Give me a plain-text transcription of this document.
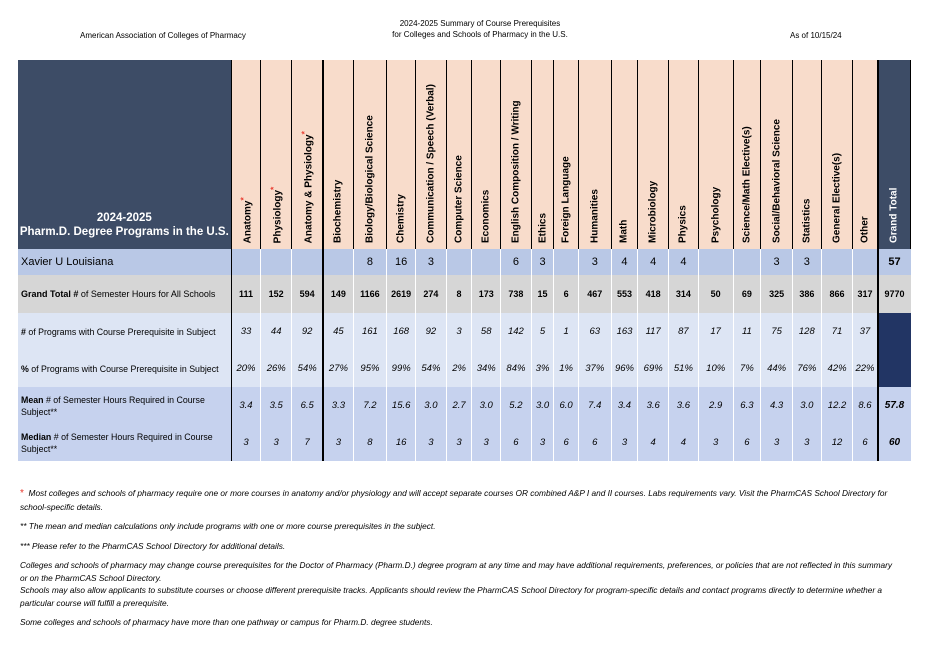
American Association of Colleges of Pharmacy
2024-2025 Summary of Course Prerequisites
for Colleges and Schools of Pharmacy in the U.S.	As of 10/15/24
2024-2025
Pharm.D. Degree Programs in the U.S.	Anatomy*	Physiology*	Anatomy & Physiology*	Biochemistry	Biology/Biological Science	Chemistry	Communication / Speech (Verbal)	Computer Science	Economics	English Composition / Writing	Ethics	Foreign Language	Humanities	Math	Microbiology	Physics	Psychology	Science/Math Elective(s)	Social/Behavioral Science	Statistics	General Elective(s)	Other	Grand Total

Xavier U Louisiana					8	16	3			6	3		3	4	4	4			3	3			57
Grand Total # of Semester Hours for All Schools	111	152	594	149	1166	2619	274	8	173	738	15	6	467	553	418	314	50	69	325	386	866	317	9770
# of Programs with Course Prerequisite in Subject	33	44	92	45	161	168	92	3	58	142	5	1	63	163	117	87	17	11	75	128	71	37	
% of Programs with Course Prerequisite in Subject	20%	26%	54%	27%	95%	99%	54%	2%	34%	84%	3%	1%	37%	96%	69%	51%	10%	7%	44%	76%	42%	22%	
Mean # of Semester Hours Required in Course Subject**	3.4	3.5	6.5	3.3	7.2	15.6	3.0	2.7	3.0	5.2	3.0	6.0	7.4	3.4	3.6	3.6	2.9	6.3	4.3	3.0	12.2	8.6	57.8
Median # of Semester Hours Required in Course Subject**	3	3	7	3	8	16	3	3	3	6	3	6	6	3	4	4	3	6	3	3	12	6	60

* Most colleges and schools of pharmacy require one or more courses in anatomy and/or physiology and will accept separate courses OR combined A&P I and II courses. Labs requirements vary. Visit the PharmCAS School Directory for school-specific details.

** The mean and median calculations only include programs with one or more course prerequisites in the subject.

*** Please refer to the PharmCAS School Directory for additional details.

Colleges and schools of pharmacy may change course prerequisites for the Doctor of Pharmacy (Pharm.D.) degree program at any time and may have additional requirements, preferences, or policies that are not reflected in this summary or on the PharmCAS School Directory.

Schools may also allow applicants to substitute courses or choose different prerequisite tracks. Applicants should review the PharmCAS School Directory for program-specific details and contact programs directly to determine whether a particular course will fulfill a prerequisite.

Some colleges and schools of pharmacy have more than one pathway or campus for Pharm.D. degree students.
